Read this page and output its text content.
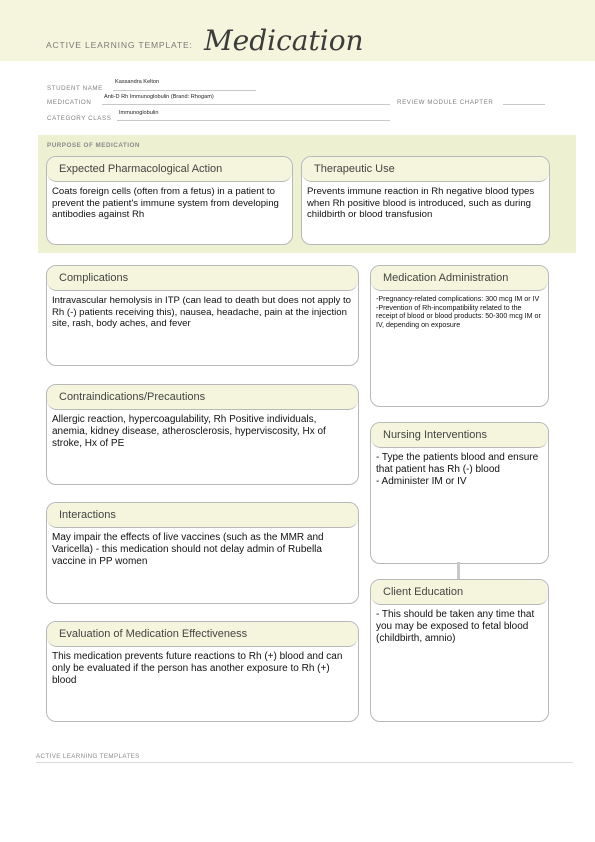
ACTIVE LEARNING TEMPLATE: Medication
STUDENT NAME
Kassandra Kelton
MEDICATION
Anti-D Rh Immunoglobulin (Brand: Rhogam)
REVIEW MODULE CHAPTER
CATEGORY CLASS
Immunoglobulin
PURPOSE OF MEDICATION
Expected Pharmacological Action
Coats foreign cells (often from a fetus) in a patient to prevent the patient's immune system from developing antibodies against Rh
Therapeutic Use
Prevents immune reaction in Rh negative blood types when Rh positive blood is introduced, such as during childbirth or blood transfusion
Complications
Intravascular hemolysis in ITP (can lead to death but does not apply to Rh (-) patients receiving this), nausea, headache, pain at the injection site, rash, body aches, and fever
Contraindications/Precautions
Allergic reaction, hypercoagulability, Rh Positive individuals, anemia, kidney disease, atherosclerosis, hyperviscosity, Hx of stroke, Hx of PE
Interactions
May impair the effects of live vaccines (such as the MMR and Varicella) - this medication should not delay admin of Rubella vaccine in PP women
Evaluation of Medication Effectiveness
This medication prevents future reactions to Rh (+) blood and can only be evaluated if the person has another exposure to Rh (+) blood
Medication Administration
-Pregnancy-related complications: 300 mcg IM or IV
-Prevention of Rh-incompatibility related to the receipt of blood or blood products: 50-300 mcg IM or IV, depending on exposure
Nursing Interventions
- Type the patients blood and ensure that patient has Rh (-) blood
- Administer IM or IV
Client Education
- This should be taken any time that you may be exposed to fetal blood (childbirth, amnio)
ACTIVE LEARNING TEMPLATES
